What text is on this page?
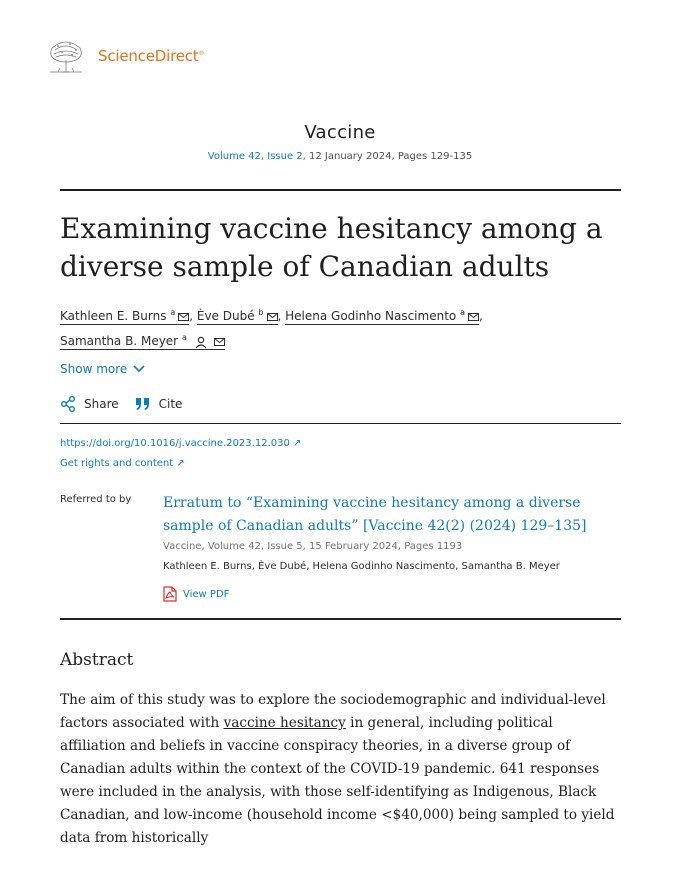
ScienceDirect®
Vaccine
Volume 42, Issue 2, 12 January 2024, Pages 129-135
Examining vaccine hesitancy among a diverse sample of Canadian adults
Kathleen E. Burns $^a$ , Ève Dubé $^b$ , Helena Godinho Nascimento $^a$ ,
Samantha B. Meyer $^a$
Show more
Share	Cite
https://doi.org/10.1016/j.vaccine.2023.12.030 ↗
Get rights and content ↗
Referred to by Erratum to “Examining vaccine hesitancy among a diverse sample of Canadian adults” [Vaccine 42(2) (2024) 129–135]
Vaccine, Volume 42, Issue 5, 15 February 2024, Pages 1193
Kathleen E. Burns, Ève Dubé, Helena Godinho Nascimento, Samantha B. Meyer
View PDF
Abstract

The aim of this study was to explore the sociodemographic and individual-level factors associated with vaccine hesitancy in general, including political affiliation and beliefs in vaccine conspiracy theories, in a diverse group of Canadian adults within the context of the COVID-19 pandemic. 641 responses were included in the analysis, with those self-identifying as Indigenous, Black Canadian, and low-income (household income <$40,000) being sampled to yield data from historically
